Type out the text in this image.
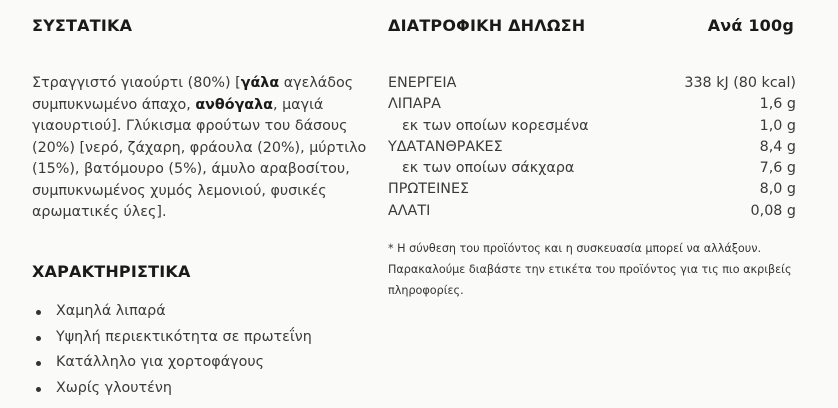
ΣΥΣΤΑΤΙΚΑ
Στραγγιστό γιαούρτι (80%) [γάλα αγελάδος συμπυκνωμένο άπαχο, ανθόγαλα, μαγιά γιαουρτιού]. Γλύκισμα φρούτων του δάσους (20%) [νερό, ζάχαρη, φράουλα (20%), μύρτιλο (15%), βατόμουρο (5%), άμυλο αραβοσίτου, συμπυκνωμένος χυμός λεμονιού, φυσικές αρωματικές ύλες].
ΧΑΡΑΚΤΗΡΙΣΤΙΚΑ
Χαμηλά λιπαρά
Υψηλή περιεκτικότητα σε πρωτεΐνη
Κατάλληλο για χορτοφάγους
Χωρίς γλουτένη
ΔΙΑΤΡΟΦΙΚΗ ΔΗΛΩΣΗ	Ανά 100g
ΕΝΕΡΓΕΙΑ	338 kJ (80 kcal)
ΛΙΠΑΡΑ	1,6 g
εκ των οποίων κορεσμένα	1,0 g
ΥΔΑΤΑΝΘΡΑΚΕΣ	8,4 g
εκ των οποίων σάκχαρα	7,6 g
ΠΡΩΤΕΙΝΕΣ	8,0 g
ΑΛΑΤΙ	0,08 g
* Η σύνθεση του προϊόντος και η συσκευασία μπορεί να αλλάξουν. Παρακαλούμε διαβάστε την ετικέτα του προϊόντος για τις πιο ακριβείς πληροφορίες.
